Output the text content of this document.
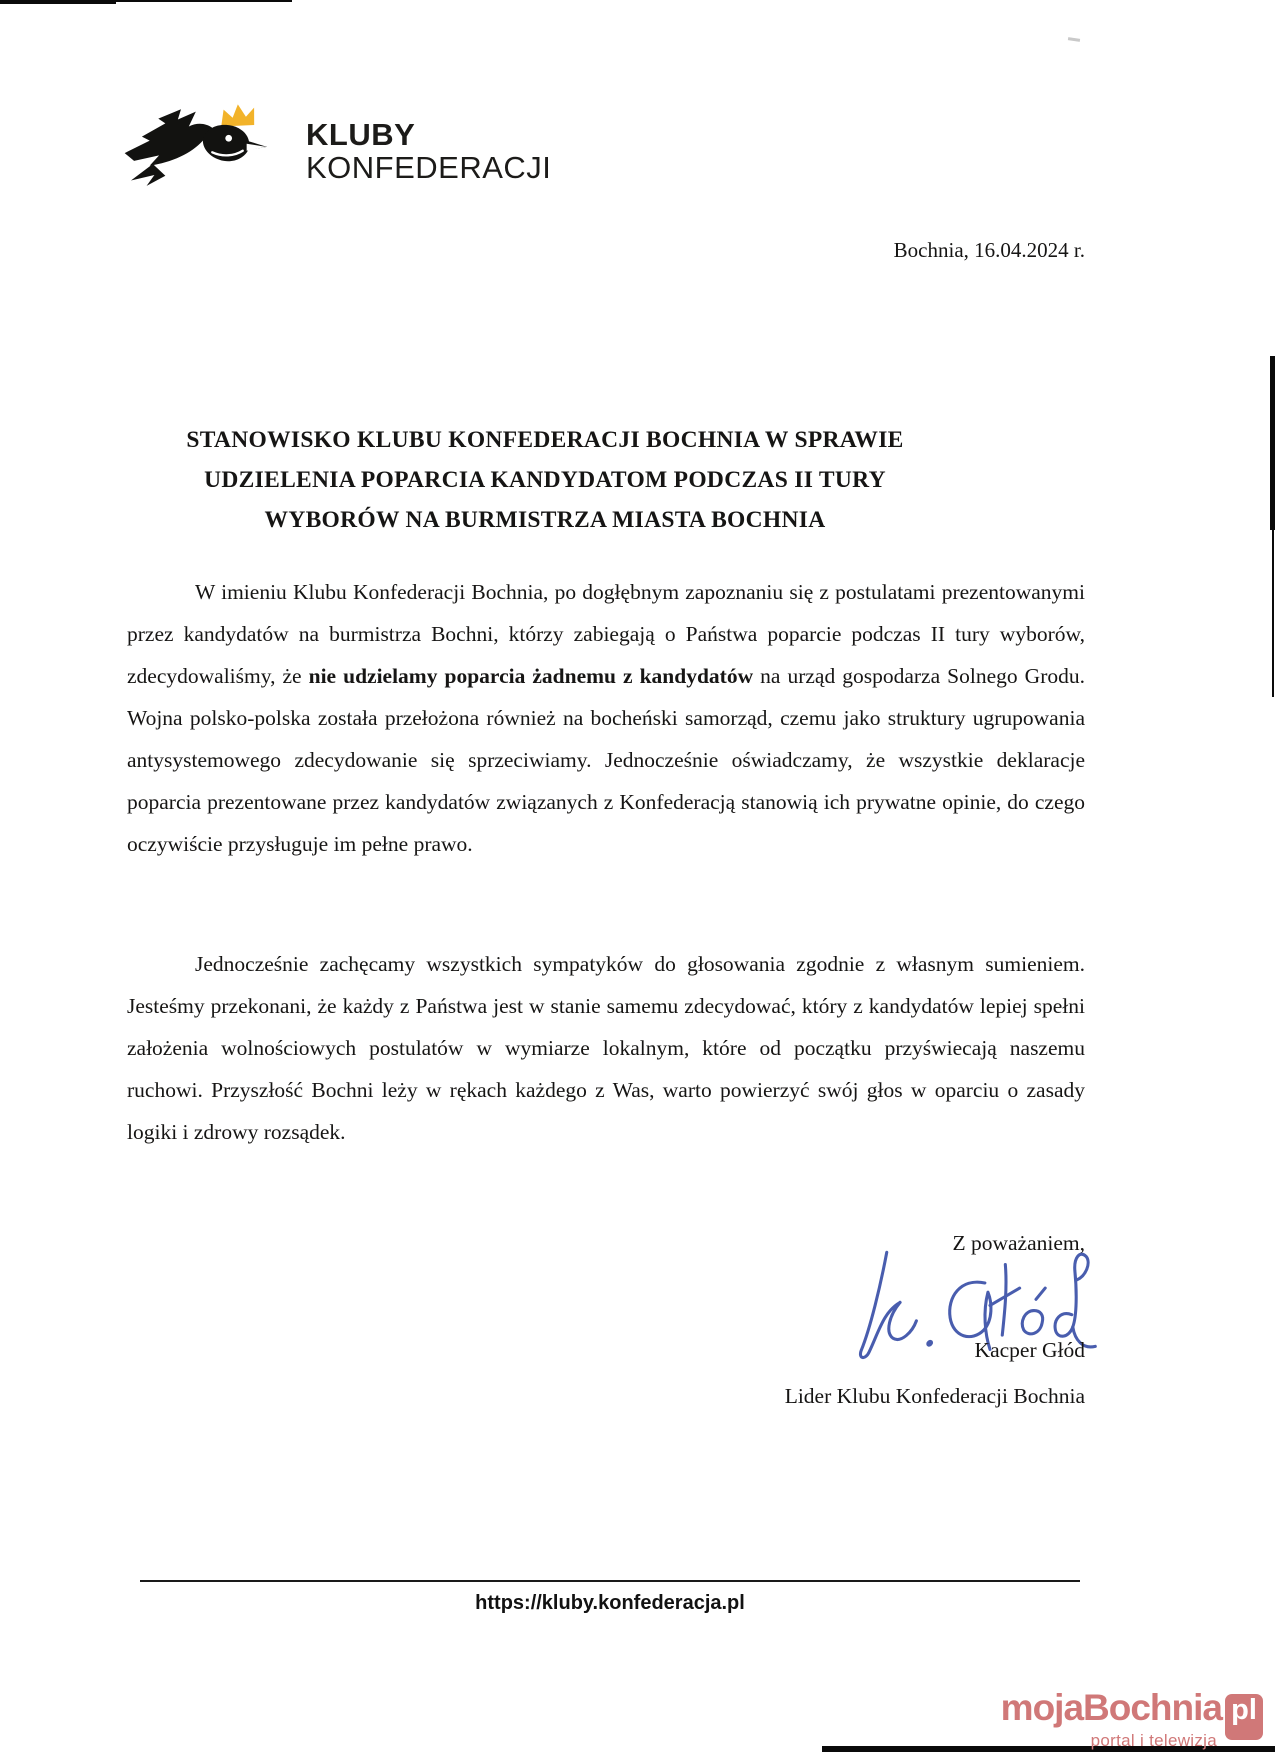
KLUBY
KONFEDERACJI
Bochnia, 16.04.2024 r.
STANOWISKO KLUBU KONFEDERACJI BOCHNIA W SPRAWIE
UDZIELENIA POPARCIA KANDYDATOM PODCZAS II TURY
WYBORÓW NA BURMISTRZA MIASTA BOCHNIA

W imieniu Klubu Konfederacji Bochnia, po dogłębnym zapoznaniu się z postulatami prezentowanymi przez kandydatów na burmistrza Bochni, którzy zabiegają o Państwa poparcie podczas II tury wyborów, zdecydowaliśmy, że nie udzielamy poparcia żadnemu z kandydatów na urząd gospodarza Solnego Grodu. Wojna polsko-polska została przełożona również na bocheński samorząd, czemu jako struktury ugrupowania antysystemowego zdecydowanie się sprzeciwiamy. Jednocześnie oświadczamy, że wszystkie deklaracje poparcia prezentowane przez kandydatów związanych z Konfederacją stanowią ich prywatne opinie, do czego oczywiście przysługuje im pełne prawo.

Jednocześnie zachęcamy wszystkich sympatyków do głosowania zgodnie z własnym sumieniem. Jesteśmy przekonani, że każdy z Państwa jest w stanie samemu zdecydować, który z kandydatów lepiej spełni założenia wolnościowych postulatów w wymiarze lokalnym, które od początku przyświecają naszemu ruchowi. Przyszłość Bochni leży w rękach każdego z Was, warto powierzyć swój głos w oparciu o zasady logiki i zdrowy rozsądek.

Z poważaniem,
Kacper Głód
Lider Klubu Konfederacji Bochnia
https://kluby.konfederacja.pl
mojaBochnia pl
portal i telewizja
